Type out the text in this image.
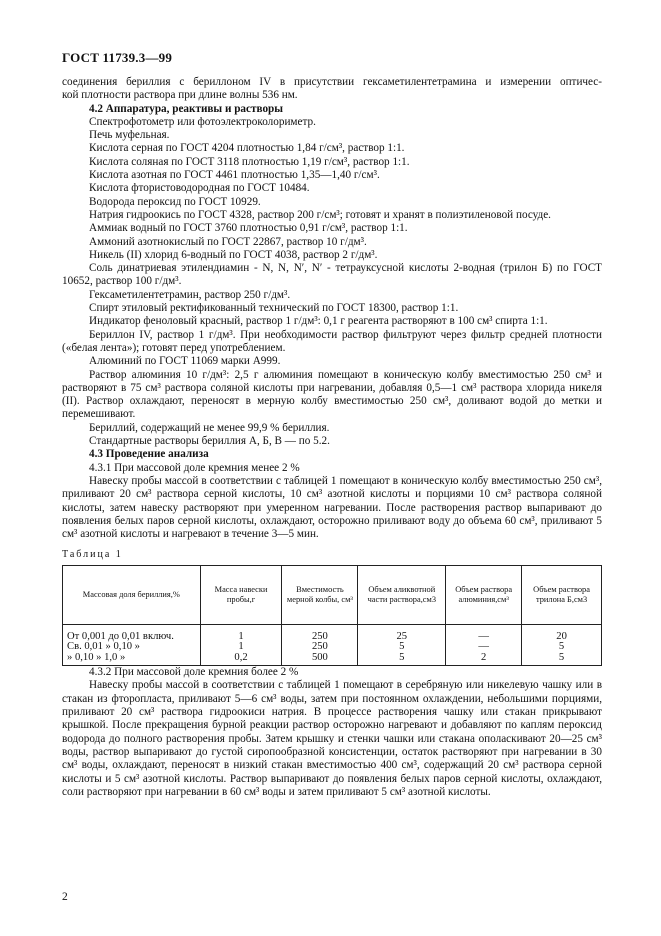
ГОСТ 11739.3—99

соединения бериллия с бериллоном IV в присутствии гексаметилентетрамина и измерении оптичес-

кой плотности раствора при длине волны 536 нм.

4.2 Аппаратура, реактивы и растворы

Спектрофотометр или фотоэлектроколориметр.

Печь муфельная.

Кислота серная по ГОСТ 4204 плотностью 1,84 г/см³, раствор 1:1.

Кислота соляная по ГОСТ 3118 плотностью 1,19 г/см³, раствор 1:1.

Кислота азотная по ГОСТ 4461 плотностью 1,35—1,40 г/см³.

Кислота фтористоводородная по ГОСТ 10484.

Водорода пероксид по ГОСТ 10929.

Натрия гидроокись по ГОСТ 4328, раствор 200 г/см³; готовят и хранят в полиэтиленовой посуде.

Аммиак водный по ГОСТ 3760 плотностью 0,91 г/см³, раствор 1:1.

Аммоний азотнокислый по ГОСТ 22867, раствор 10 г/дм³.

Никель (II) хлорид 6-водный по ГОСТ 4038, раствор 2 г/дм³.

Соль динатриевая этилендиамин - N, N, N′, N′ - тетрауксусной кислоты 2-водная (трилон Б) по ГОСТ 10652, раствор 100 г/дм³.

Гексаметилентетрамин, раствор 250 г/дм³.

Спирт этиловый ректификованный технический по ГОСТ 18300, раствор 1:1.

Индикатор феноловый красный, раствор 1 г/дм³: 0,1 г реагента растворяют в 100 см³ спирта 1:1.

Бериллон IV, раствор 1 г/дм³. При необходимости раствор фильтруют через фильтр средней плотности («белая лента»); готовят перед употреблением.

Алюминий по ГОСТ 11069 марки А999.

Раствор алюминия 10 г/дм³: 2,5 г алюминия помещают в коническую колбу вместимостью 250 см³ и растворяют в 75 см³ раствора соляной кислоты при нагревании, добавляя 0,5—1 см³ раствора хлорида никеля (II). Раствор охлаждают, переносят в мерную колбу вместимостью 250 см³, доливают водой до метки и перемешивают.

Бериллий, содержащий не менее 99,9 % бериллия.

Стандартные растворы бериллия А, Б, В — по 5.2.

4.3 Проведение анализа

4.3.1 При массовой доле кремния менее 2 %

Навеску пробы массой в соответствии с таблицей 1 помещают в коническую колбу вместимостью 250 см³, приливают 20 см³ раствора серной кислоты, 10 см³ азотной кислоты и порциями 10 см³ раствора соляной кислоты, затем навеску растворяют при умеренном нагревании. После растворения раствор выпаривают до появления белых паров серной кислоты, охлаждают, осторожно приливают воду до объема 60 см³, приливают 5 см³ азотной кислоты и нагревают в течение 3—5 мин.

Таблица 1
Массовая доля бериллия,%	Масса навески пробы,г	Вместимость мерной колбы, см³	Объем аликвотной части раствора,см3	Объем раствора алюминия,см³	Объем раствора трилона Б,см3
От 0,001 до 0,01 включ.	1	250	25	—	20
Св. 0,01 » 0,10 »	1	250	5	—	5
» 0,10 » 1,0 »	0,2	500	5	2	5

4.3.2 При массовой доле кремния более 2 %

Навеску пробы массой в соответствии с таблицей 1 помещают в серебряную или никелевую чашку или в стакан из фторопласта, приливают 5—6 см³ воды, затем при постоянном охлаждении, небольшими порциями, приливают 20 см³ раствора гидроокиси натрия. В процессе растворения чашку или стакан прикрывают крышкой. После прекращения бурной реакции раствор осторожно нагревают и добавляют по каплям пероксид водорода до полного растворения пробы. Затем крышку и стенки чашки или стакана ополаскивают 20—25 см³ воды, раствор выпаривают до густой сиропообразной консистенции, остаток растворяют при нагревании в 30 см³ воды, охлаждают, переносят в низкий стакан вместимостью 400 см³, содержащий 20 см³ раствора серной кислоты и 5 см³ азотной кислоты. Раствор выпаривают до появления белых паров серной кислоты, охлаждают, соли растворяют при нагревании в 60 см³ воды и затем приливают 5 см³ азотной кислоты.

2
